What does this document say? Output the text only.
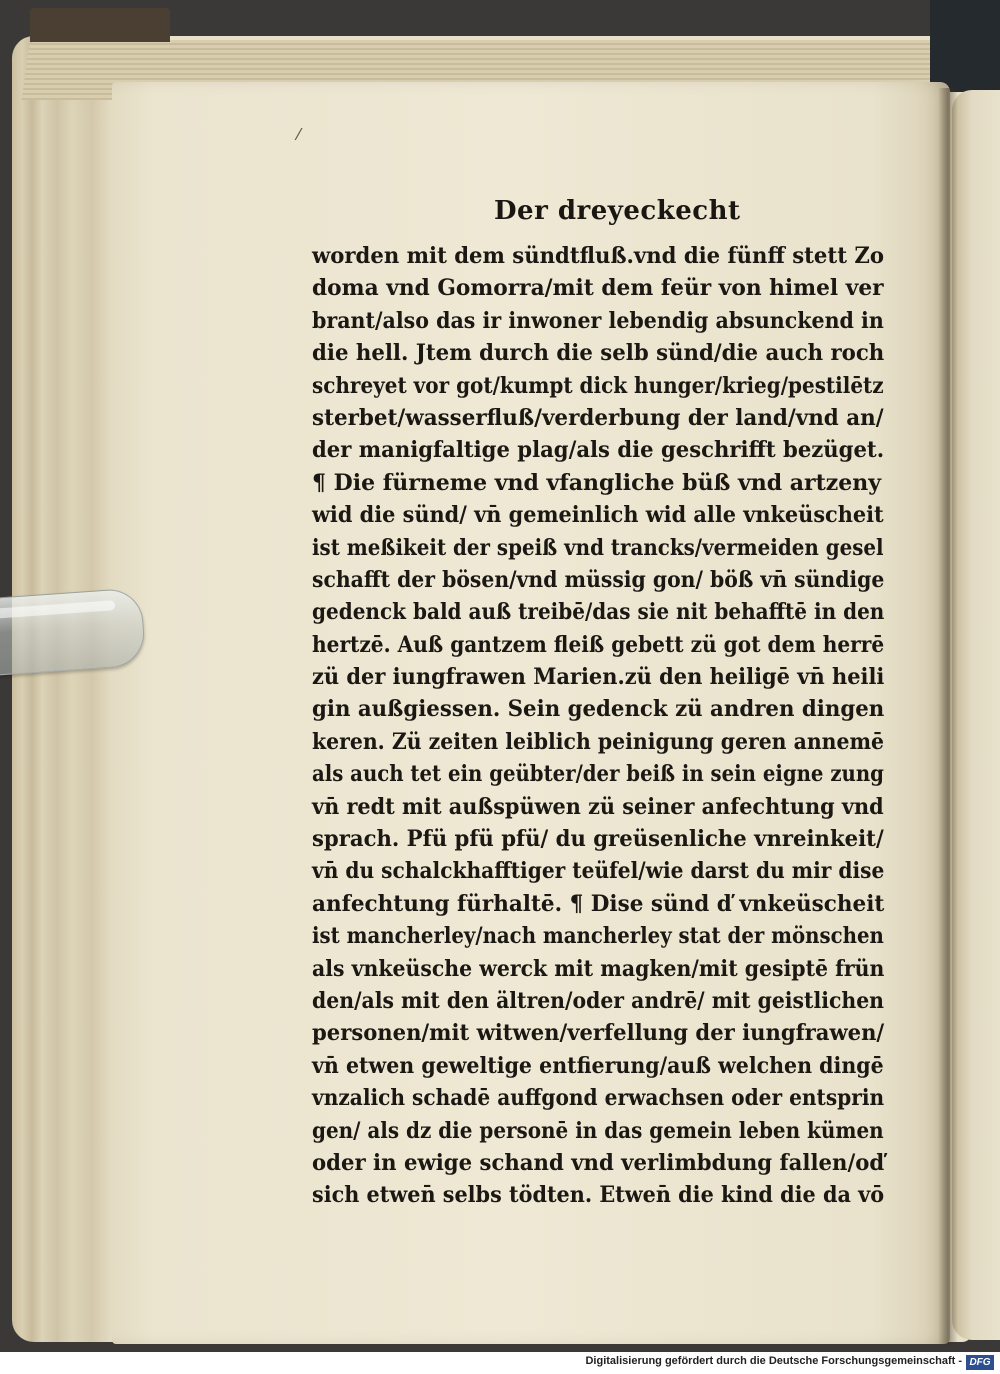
/
Der dreyeckecht
worden mit dem sündtfluß.vnd die fünff stett Zo
doma vnd Gomorra/mit dem feür von himel ver
brant/also das ir inwoner lebendig absunckend in
die hell. Jtem durch die selb sünd/die auch roch
schreyet vor got/kumpt dick hunger/krieg/pestilētz
sterbet/wasserfluß/verderbung der land/vnd an/
der manigfaltige plag/als die geschrifft bezüget.
¶ Die fürneme vnd vfangliche büß vnd artzeny
wid die sünd/ vn̄ gemeinlich wid alle vnkeüscheit
ist meßikeit der speiß vnd trancks/vermeiden gesel
schafft der bösen/vnd müssig gon/ böß vn̄ sündige
gedenck bald auß treibē/das sie nit behafftē in den
hertzē. Auß gantzem fleiß gebett zü got dem herrē
zü der iungfrawen Marien.zü den heiligē vn̄ heili
gin außgiessen. Sein gedenck zü andren dingen
keren. Zü zeiten leiblich peinigung geren annemē
als auch tet ein geübter/der beiß in sein eigne zung
vn̄ redt mit außspüwen zü seiner anfechtung vnd
sprach. Pfü pfü pfü/ du greüsenliche vnreinkeit/
vn̄ du schalckhafftiger teüfel/wie darst du mir dise
anfechtung fürhaltē. ¶ Dise sünd ď vnkeüscheit
ist mancherley/nach mancherley stat der mönschen
als vnkeüsche werck mit magken/mit gesiptē frün
den/als mit den ältren/oder andrē/ mit geistlichen
personen/mit witwen/verfellung der iungfrawen/
vn̄ etwen geweltige entfierung/auß welchen dingē
vnzalich schadē auffgond erwachsen oder entsprin
gen/ als dz die personē in das gemein leben kümen
oder in ewige schand vnd verlimbdung fallen/oď
sich etwen̄ selbs tödten. Etwen̄ die kind die da vō
Digitalisierung gefördert durch die Deutsche Forschungsgemeinschaft - DFG
